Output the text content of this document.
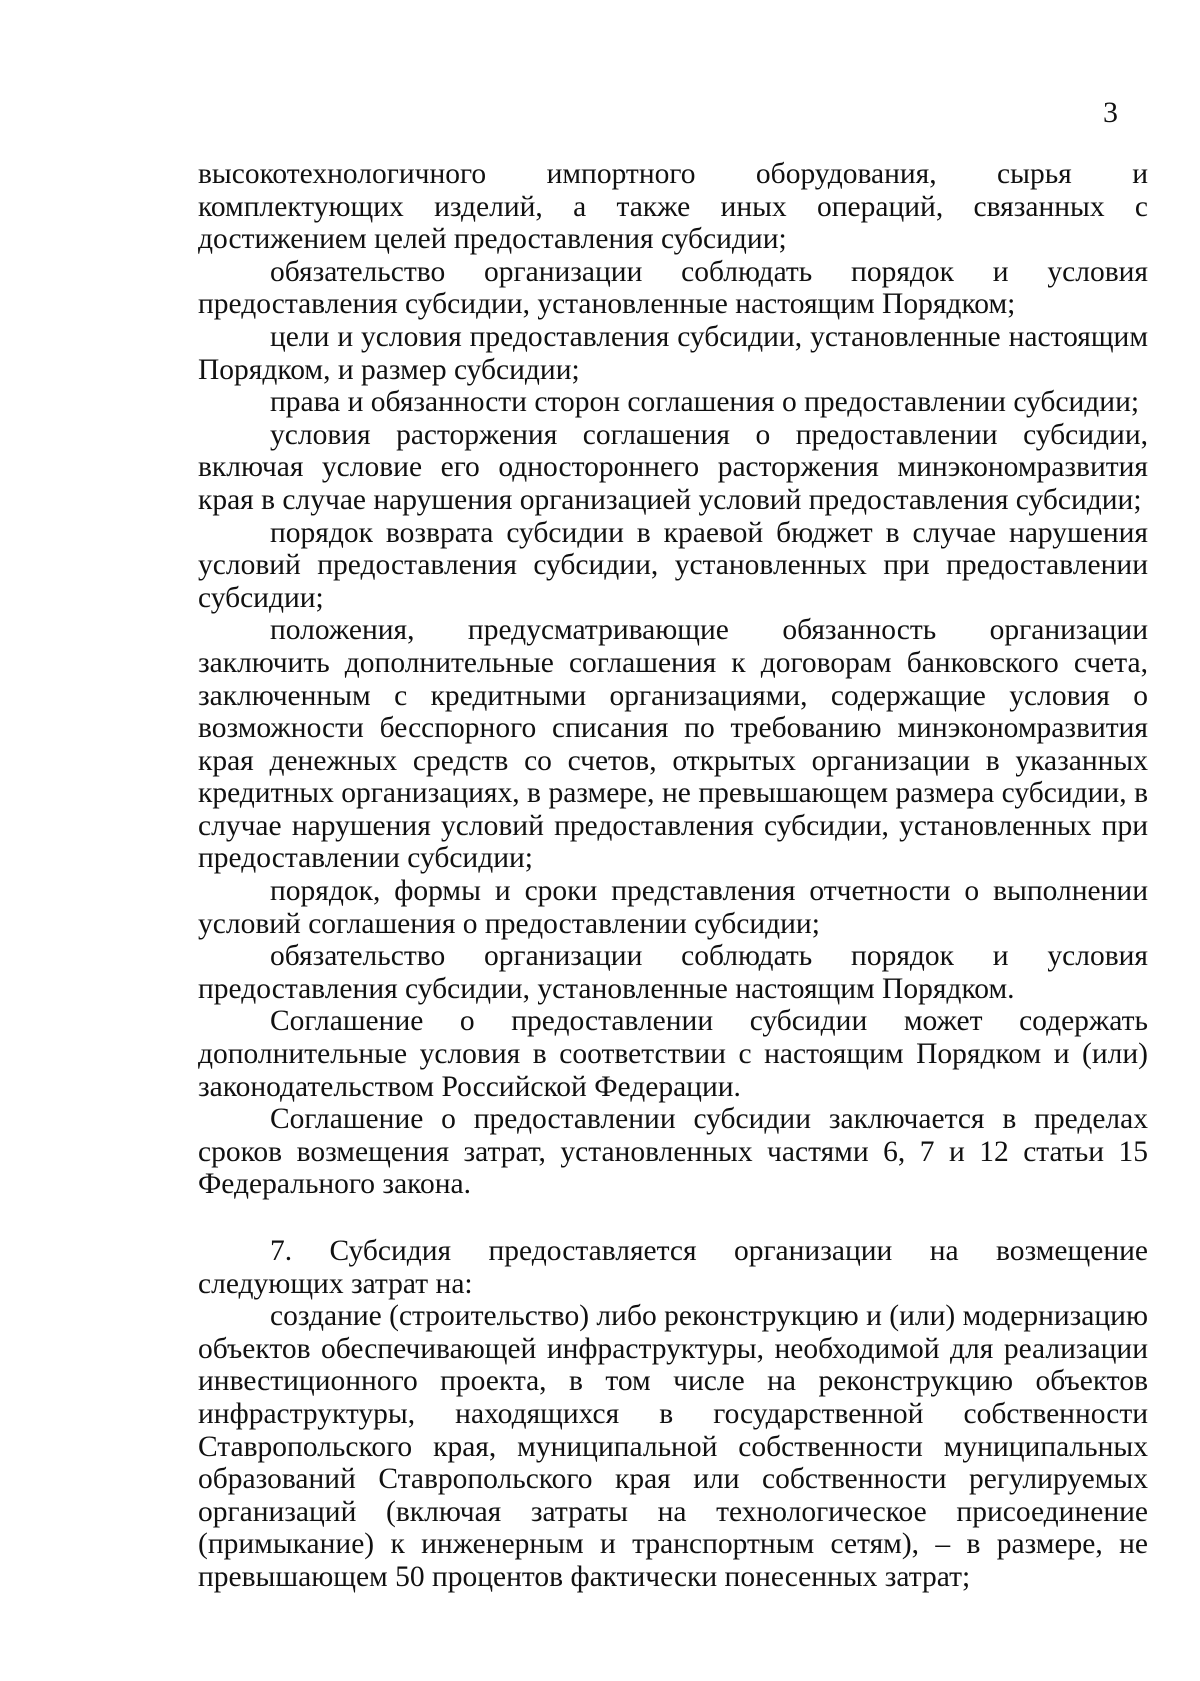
3

высокотехнологичного импортного оборудования, сырья и комплектующих изделий, а также иных операций, связанных с достижением целей предоставления субсидии;

обязательство организации соблюдать порядок и условия предоставления субсидии, установленные настоящим Порядком;

цели и условия предоставления субсидии, установленные настоящим Порядком, и размер субсидии;

права и обязанности сторон соглашения о предоставлении субсидии;

условия расторжения соглашения о предоставлении субсидии, включая условие его одностороннего расторжения минэкономразвития края в случае нарушения организацией условий предоставления субсидии;

порядок возврата субсидии в краевой бюджет в случае нарушения условий предоставления субсидии, установленных при предоставлении субсидии;

положения, предусматривающие обязанность организации заключить дополнительные соглашения к договорам банковского счета, заключенным с кредитными организациями, содержащие условия о возможности бесспорного списания по требованию минэкономразвития края денежных средств со счетов, открытых организации в указанных кредитных организациях, в размере, не превышающем размера субсидии, в случае нарушения условий предоставления субсидии, установленных при предоставлении субсидии;

порядок, формы и сроки представления отчетности о выполнении условий соглашения о предоставлении субсидии;

обязательство организации соблюдать порядок и условия предоставления субсидии, установленные настоящим Порядком.

Соглашение о предоставлении субсидии может содержать дополнительные условия в соответствии с настоящим Порядком и (или) законодательством Российской Федерации.

Соглашение о предоставлении субсидии заключается в пределах сроков возмещения затрат, установленных частями 6, 7 и 12 статьи 15 Федерального закона.

7. Субсидия предоставляется организации на возмещение следующих затрат на:

создание (строительство) либо реконструкцию и (или) модернизацию объектов обеспечивающей инфраструктуры, необходимой для реализации инвестиционного проекта, в том числе на реконструкцию объектов инфраструктуры, находящихся в государственной собственности Ставропольского края, муниципальной собственности муниципальных образований Ставропольского края или собственности регулируемых организаций (включая затраты на технологическое присоединение (примыкание) к инженерным и транспортным сетям), – в размере, не превышающем 50 процентов фактически понесенных затрат;
